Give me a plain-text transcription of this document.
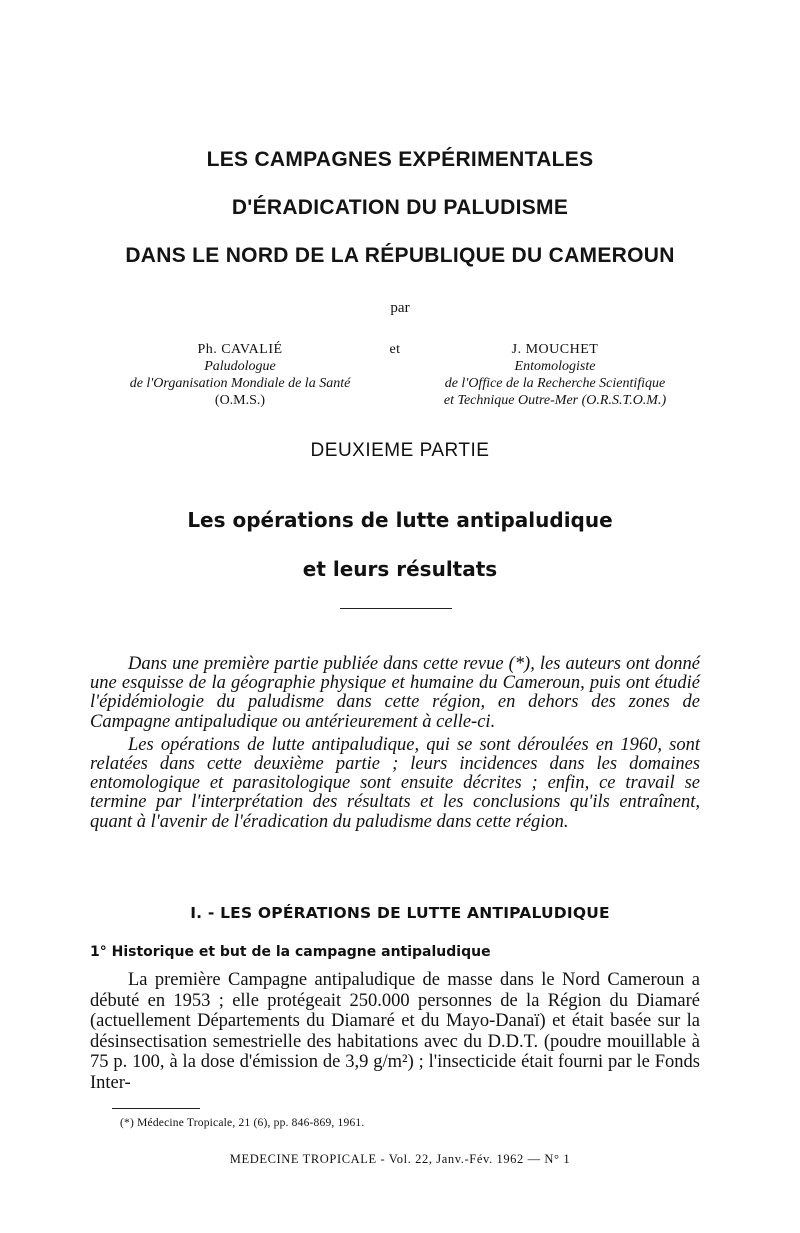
LES CAMPAGNES EXPÉRIMENTALES
D'ÉRADICATION DU PALUDISME
DANS LE NORD DE LA RÉPUBLIQUE DU CAMEROUN
par
Ph. CAVALIÉ
Paludologue
de l'Organisation Mondiale de la Santé
(O.M.S.)
et	J. MOUCHET
Entomologiste
de l'Office de la Recherche Scientifique
et Technique Outre-Mer (O.R.S.T.O.M.)
DEUXIEME PARTIE
Les opérations de lutte antipaludique
et leurs résultats

Dans une première partie publiée dans cette revue (*), les auteurs ont donné une esquisse de la géographie physique et humaine du Cameroun, puis ont étudié l'épidémiologie du paludisme dans cette région, en dehors des zones de Campagne antipaludique ou antérieurement à celle-ci.

Les opérations de lutte antipaludique, qui se sont déroulées en 1960, sont relatées dans cette deuxième partie ; leurs incidences dans les domaines entomologique et parasitologique sont ensuite décrites ; enfin, ce travail se termine par l'interprétation des résultats et les conclusions qu'ils entraînent, quant à l'avenir de l'éradication du paludisme dans cette région.

I. - LES OPÉRATIONS DE LUTTE ANTIPALUDIQUE
1° Historique et but de la campagne antipaludique

La première Campagne antipaludique de masse dans le Nord Cameroun a débuté en 1953 ; elle protégeait 250.000 personnes de la Région du Diamaré (actuellement Départements du Diamaré et du Mayo-Danaï) et était basée sur la désinsectisation semestrielle des habitations avec du D.D.T. (poudre mouillable à 75 p. 100, à la dose d'émission de 3,9 g/m²) ; l'insecticide était fourni par le Fonds Inter-

(*) Médecine Tropicale, 21 (6), pp. 846-869, 1961.
MEDECINE TROPICALE - Vol. 22, Janv.-Fév. 1962 — N° 1
